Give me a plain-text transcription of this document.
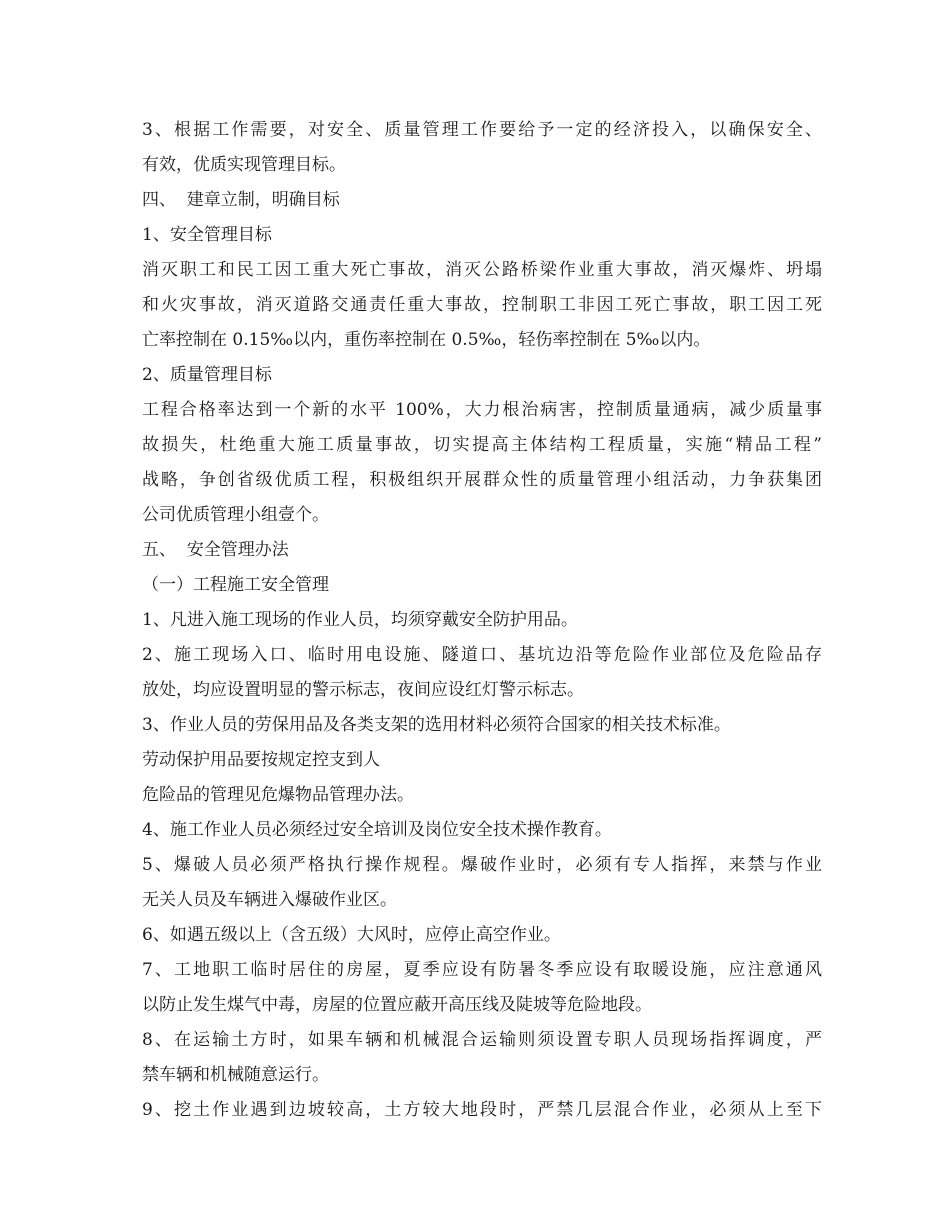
3、根据工作需要，对安全、质量管理工作要给予一定的经济投入，以确保安全、
有效，优质实现管理目标。
四、  建章立制，明确目标
1、安全管理目标
消灭职工和民工因工重大死亡事故，消灭公路桥梁作业重大事故，消灭爆炸、坍塌
和火灾事故，消灭道路交通责任重大事故，控制职工非因工死亡事故，职工因工死
亡率控制在 0.15‰以内，重伤率控制在 0.5‰，轻伤率控制在 5‰以内。
2、质量管理目标
工程合格率达到一个新的水平 100%，大力根治病害，控制质量通病，减少质量事
故损失，杜绝重大施工质量事故，切实提高主体结构工程质量，实施“精品工程”
战略，争创省级优质工程，积极组织开展群众性的质量管理小组活动，力争获集团
公司优质管理小组壹个。
五、  安全管理办法
（一）工程施工安全管理
1、凡进入施工现场的作业人员，均须穿戴安全防护用品。
2、施工现场入口、临时用电设施、隧道口、基坑边沿等危险作业部位及危险品存
放处，均应设置明显的警示标志，夜间应设红灯警示标志。
3、作业人员的劳保用品及各类支架的选用材料必须符合国家的相关技术标准。
劳动保护用品要按规定控支到人
危险品的管理见危爆物品管理办法。
4、施工作业人员必须经过安全培训及岗位安全技术操作教育。
5、爆破人员必须严格执行操作规程。爆破作业时，必须有专人指挥，来禁与作业
无关人员及车辆进入爆破作业区。
6、如遇五级以上（含五级）大风时，应停止高空作业。
7、工地职工临时居住的房屋，夏季应设有防暑冬季应设有取暖设施，应注意通风
以防止发生煤气中毒，房屋的位置应蔽开高压线及陡坡等危险地段。
8、在运输土方时，如果车辆和机械混合运输则须设置专职人员现场指挥调度，严
禁车辆和机械随意运行。
9、挖土作业遇到边坡较高，土方较大地段时，严禁几层混合作业，必须从上至下
